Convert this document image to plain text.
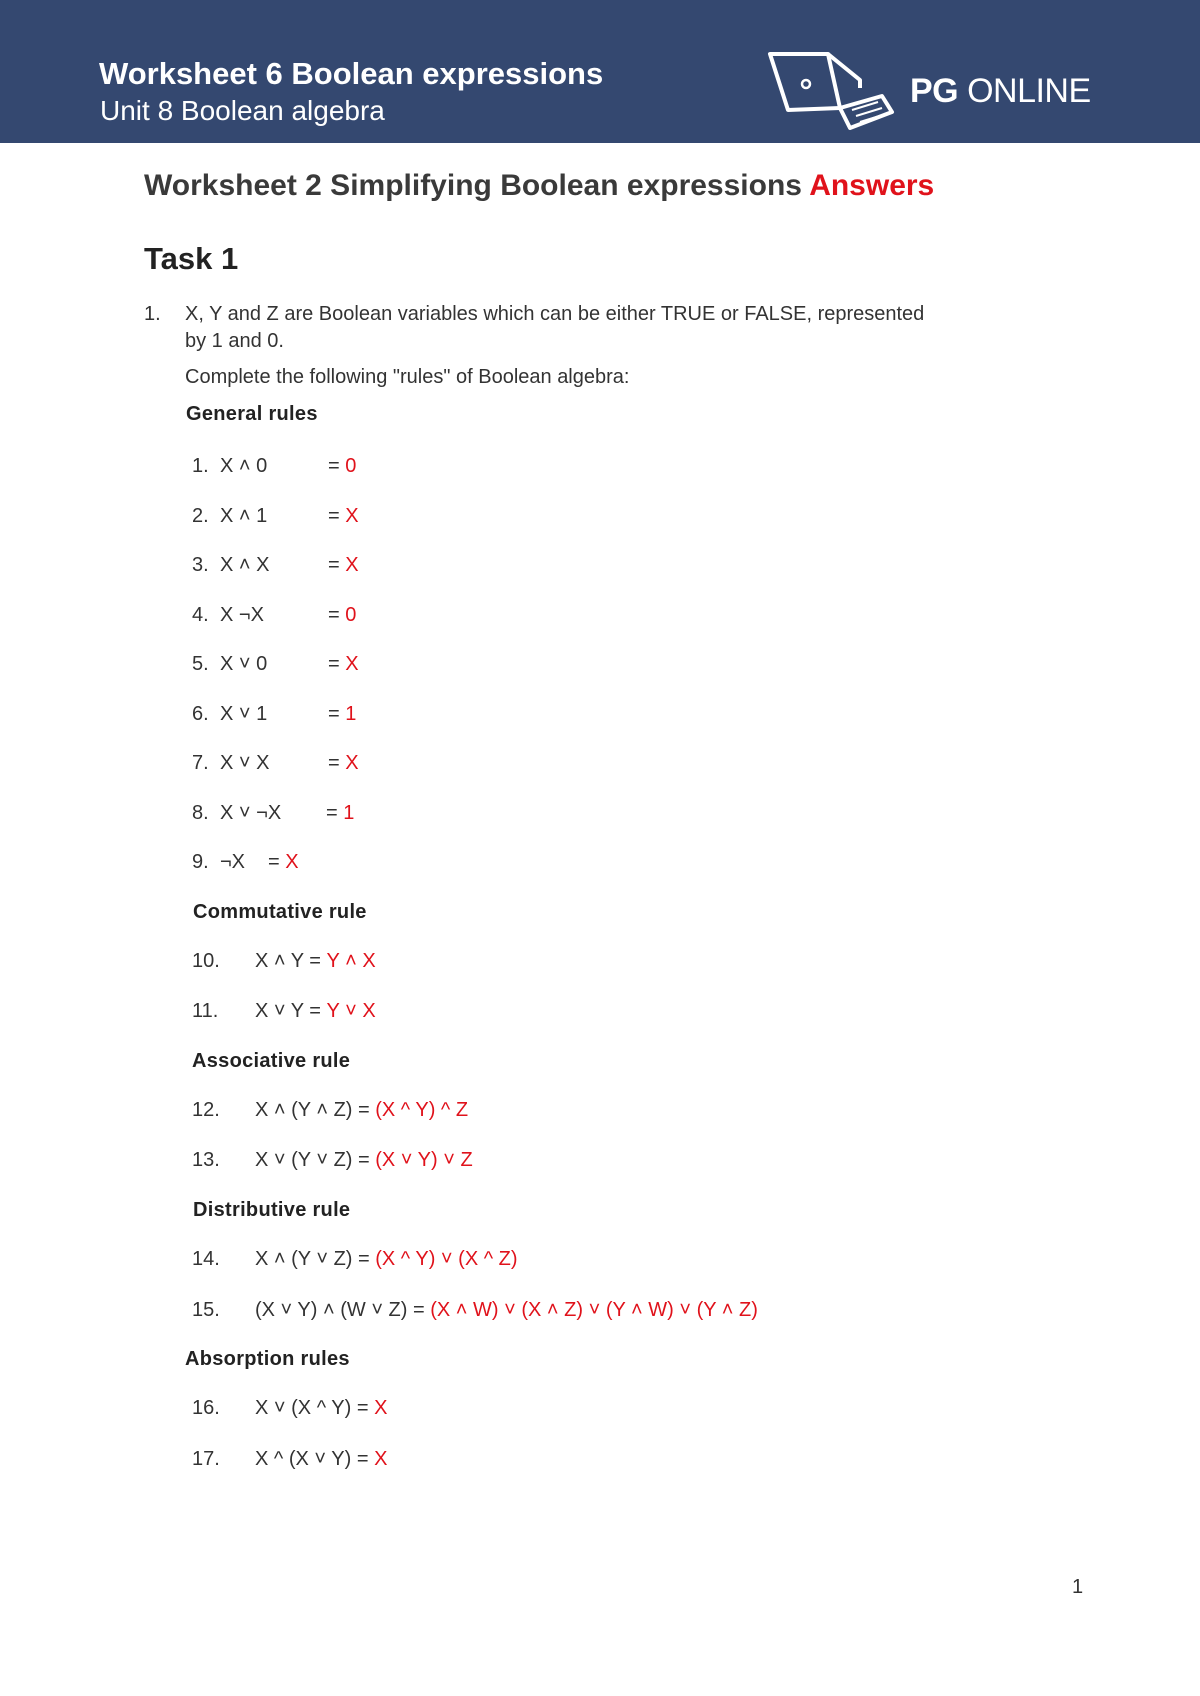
Worksheet 6 Boolean expressions
Unit 8 Boolean algebra
PG ONLINE
Worksheet 2 Simplifying Boolean expressions Answers
Task 1
1. X, Y and Z are Boolean variables which can be either TRUE or FALSE, represented
by 1 and 0.
Complete the following "rules" of Boolean algebra:
General rules
1. X ˄ 0	= 0
2. X ˄ 1	= X
3. X ˄ X	= X
4. X ¬X	= 0
5. X ˅ 0	= X
6. X ˅ 1	= 1
7. X ˅ X	= X
8. X ˅ ¬X = 1
9.¬X = X
Commutative rule
10. X ˄ Y = Y ˄ X
11. X ˅ Y = Y ˅ X
Associative rule
12. X ˄ (Y ˄ Z) = (X ^ Y) ^ Z
13. X ˅ (Y ˅ Z) = (X ˅ Y) ˅ Z
Distributive rule
14. X ˄ (Y ˅ Z) = (X ^ Y) ˅ (X ^ Z)
15. (X ˅ Y) ˄ (W ˅ Z) = (X ˄ W) ˅ (X ˄ Z) ˅ (Y ˄ W) ˅ (Y ˄ Z)
Absorption rules
16. X ˅ (X ^ Y) = X
17. X ^ (X ˅ Y) = X
1
